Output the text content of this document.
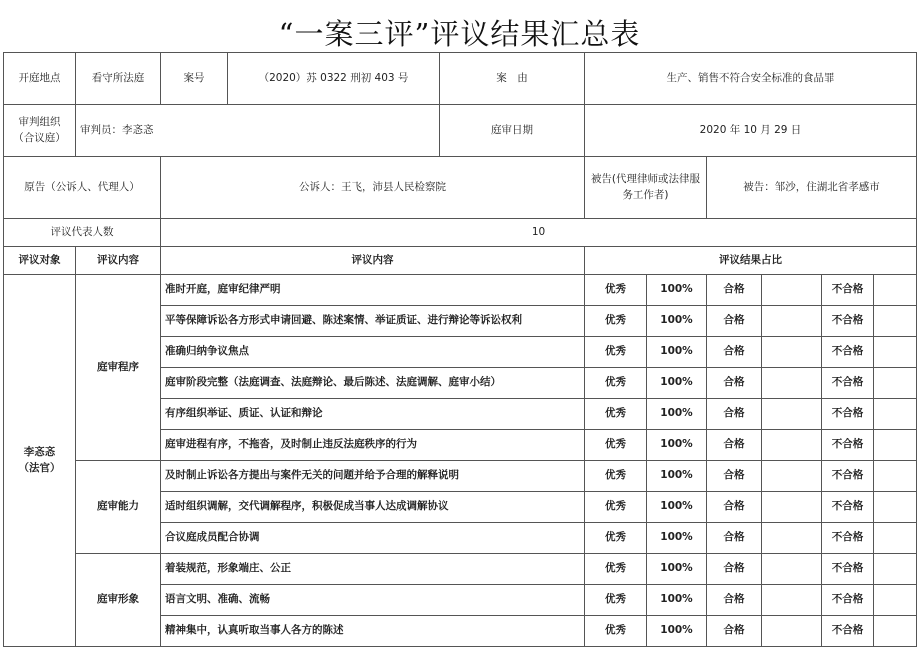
“一案三评”评议结果汇总表
开庭地点	看守所法庭	案号	（2020）苏 0322 刑初 403 号	案　由	生产、销售不符合安全标准的食品罪					

审判组织
（合议庭）	审判员：李忞忞			庭审日期	2020 年 10 月 29 日					
原告（公诉人、代理人）		公诉人：王飞，沛县人民检察院			被告(代理律师或法律服
务工作者)		被告：邹沙，住湖北省孝感市			
评议代表人数		10								
评议对象	评议内容	评议内容			评议结果占比					

李忞忞
（法官）	庭审程序	准时开庭，庭审纪律严明			优秀	100%	合格		不合格	
		平等保障诉讼各方形式申请回避、陈述案情、举证质证、进行辩论等诉讼权利			优秀	100%	合格		不合格	
		准确归纳争议焦点			优秀	100%	合格		不合格	
		庭审阶段完整（法庭调查、法庭辩论、最后陈述、法庭调解、庭审小结）			优秀	100%	合格		不合格	
		有序组织举证、质证、认证和辩论			优秀	100%	合格		不合格	
		庭审进程有序，不拖沓，及时制止违反法庭秩序的行为			优秀	100%	合格		不合格	
	庭审能力	及时制止诉讼各方提出与案件无关的问题并给予合理的解释说明			优秀	100%	合格		不合格	
		适时组织调解，交代调解程序，积极促成当事人达成调解协议			优秀	100%	合格		不合格	
		合议庭成员配合协调			优秀	100%	合格		不合格	
	庭审形象	着装规范，形象端庄、公正			优秀	100%	合格		不合格	
		语言文明、准确、流畅			优秀	100%	合格		不合格	
		精神集中，认真听取当事人各方的陈述			优秀	100%	合格		不合格	
